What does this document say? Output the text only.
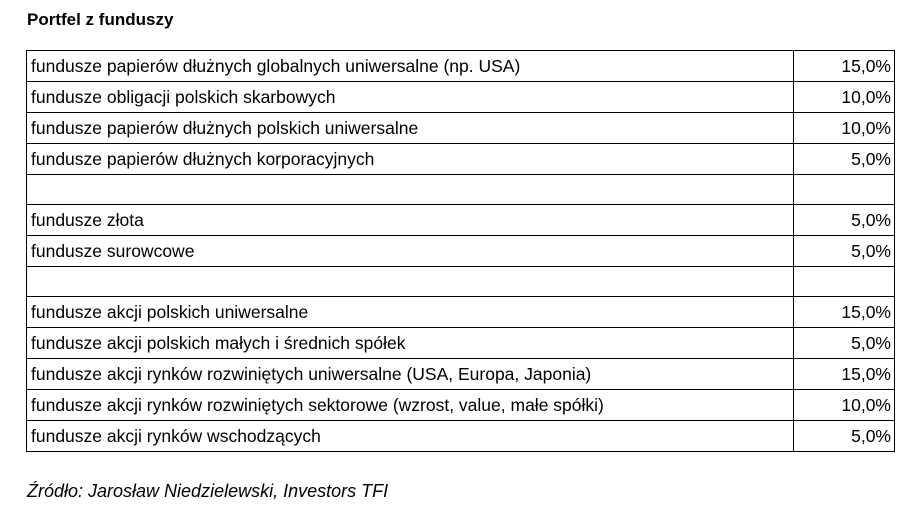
Portfel z funduszy
fundusze papierów dłużnych globalnych uniwersalne (np. USA)	15,0%
fundusze obligacji polskich skarbowych	10,0%
fundusze papierów dłużnych polskich uniwersalne	10,0%
fundusze papierów dłużnych korporacyjnych	5,0%

fundusze złota	5,0%
fundusze surowcowe	5,0%

fundusze akcji polskich uniwersalne	15,0%
fundusze akcji polskich małych i średnich spółek	5,0%
fundusze akcji rynków rozwiniętych uniwersalne (USA, Europa, Japonia)	15,0%
fundusze akcji rynków rozwiniętych sektorowe (wzrost, value, małe spółki)	10,0%
fundusze akcji rynków wschodzących	5,0%
Źródło: Jarosław Niedzielewski, Investors TFI
